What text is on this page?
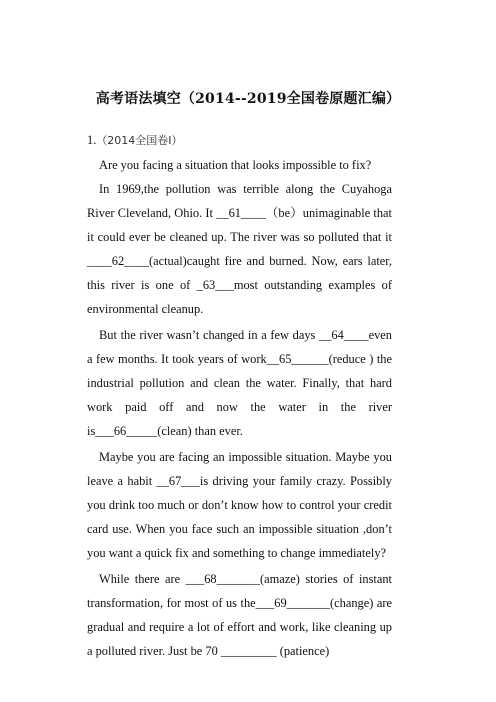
高考语法填空（2014--2019全国卷原题汇编）

1.（2014全国卷Ⅰ）

Are you facing a situation that looks impossible to fix?

In 1969,the pollution was terrible along the Cuyahoga River Cleveland, Ohio. It __61____（be）unimaginable that it could ever be cleaned up. The river was so polluted that it ____62____(actual)caught fire and burned. Now, ears later, this river is one of _63___most outstanding examples of environmental cleanup.

But the river wasn’t changed in a few days __64____even a few months. It took years of work__65______(reduce ) the industrial pollution and clean the water. Finally, that hard work paid off and now the water in the river is___66_____(clean) than ever.

Maybe you are facing an impossible situation. Maybe you leave a habit __67___is driving your family crazy. Possibly you drink too much or don’t know how to control your credit card use. When you face such an impossible situation ,don’t you want a quick fix and something to change immediately?

While there are ___68_______(amaze) stories of instant transformation, for most of us the___69_______(change) are gradual and require a lot of effort and work, like cleaning up a polluted river. Just be 70 _________ (patience)
